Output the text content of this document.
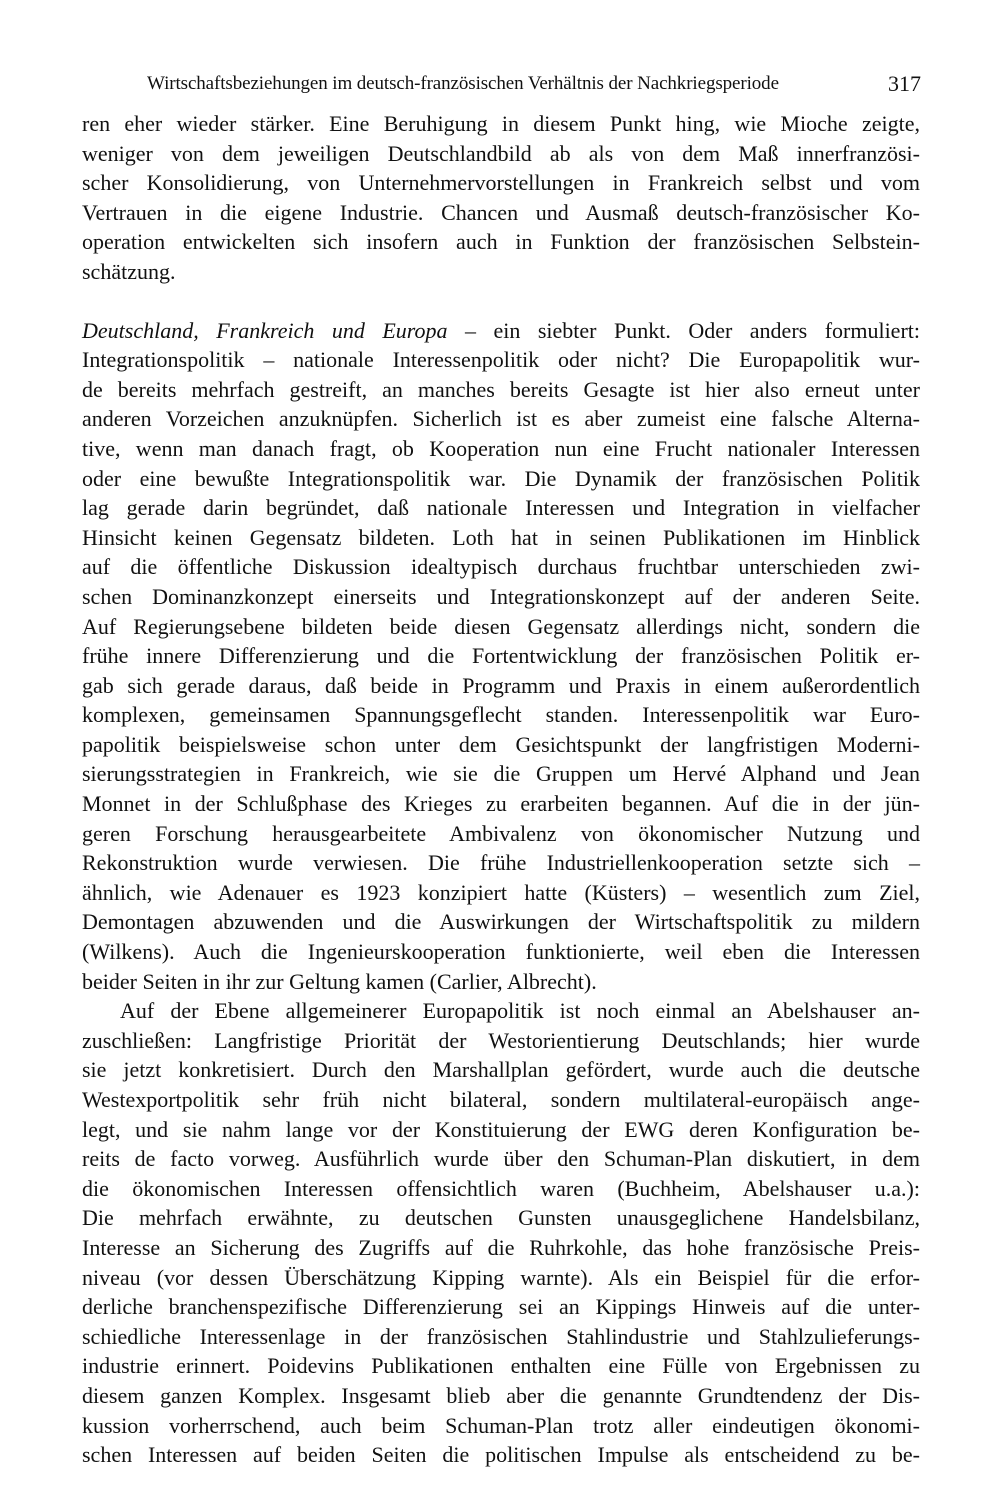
Wirtschaftsbeziehungen im deutsch-französischen Verhältnis der Nachkriegsperiode	317
ren eher wieder stärker. Eine Beruhigung in diesem Punkt hing, wie Mioche zeigte,
weniger von dem jeweiligen Deutschlandbild ab als von dem Maß innerfranzösi-
scher Konsolidierung, von Unternehmervorstellungen in Frankreich selbst und vom
Vertrauen in die eigene Industrie. Chancen und Ausmaß deutsch-französischer Ko-
operation entwickelten sich insofern auch in Funktion der französischen Selbstein-
schätzung.
Deutschland, Frankreich und Europa – ein siebter Punkt. Oder anders formuliert:
Integrationspolitik – nationale Interessenpolitik oder nicht? Die Europapolitik wur-
de bereits mehrfach gestreift, an manches bereits Gesagte ist hier also erneut unter
anderen Vorzeichen anzuknüpfen. Sicherlich ist es aber zumeist eine falsche Alterna-
tive, wenn man danach fragt, ob Kooperation nun eine Frucht nationaler Interessen
oder eine bewußte Integrationspolitik war. Die Dynamik der französischen Politik
lag gerade darin begründet, daß nationale Interessen und Integration in vielfacher
Hinsicht keinen Gegensatz bildeten. Loth hat in seinen Publikationen im Hinblick
auf die öffentliche Diskussion idealtypisch durchaus fruchtbar unterschieden zwi-
schen Dominanzkonzept einerseits und Integrationskonzept auf der anderen Seite.
Auf Regierungsebene bildeten beide diesen Gegensatz allerdings nicht, sondern die
frühe innere Differenzierung und die Fortentwicklung der französischen Politik er-
gab sich gerade daraus, daß beide in Programm und Praxis in einem außerordentlich
komplexen, gemeinsamen Spannungsgeflecht standen. Interessenpolitik war Euro-
papolitik beispielsweise schon unter dem Gesichtspunkt der langfristigen Moderni-
sierungsstrategien in Frankreich, wie sie die Gruppen um Hervé Alphand und Jean
Monnet in der Schlußphase des Krieges zu erarbeiten begannen. Auf die in der jün-
geren Forschung herausgearbeitete Ambivalenz von ökonomischer Nutzung und
Rekonstruktion wurde verwiesen. Die frühe Industriellenkooperation setzte sich –
ähnlich, wie Adenauer es 1923 konzipiert hatte (Küsters) – wesentlich zum Ziel,
Demontagen abzuwenden und die Auswirkungen der Wirtschaftspolitik zu mildern
(Wilkens). Auch die Ingenieurskooperation funktionierte, weil eben die Interessen
beider Seiten in ihr zur Geltung kamen (Carlier, Albrecht).
Auf der Ebene allgemeinerer Europapolitik ist noch einmal an Abelshauser an-
zuschließen: Langfristige Priorität der Westorientierung Deutschlands; hier wurde
sie jetzt konkretisiert. Durch den Marshallplan gefördert, wurde auch die deutsche
Westexportpolitik sehr früh nicht bilateral, sondern multilateral-europäisch ange-
legt, und sie nahm lange vor der Konstituierung der EWG deren Konfiguration be-
reits de facto vorweg. Ausführlich wurde über den Schuman-Plan diskutiert, in dem
die ökonomischen Interessen offensichtlich waren (Buchheim, Abelshauser u.a.):
Die mehrfach erwähnte, zu deutschen Gunsten unausgeglichene Handelsbilanz,
Interesse an Sicherung des Zugriffs auf die Ruhrkohle, das hohe französische Preis-
niveau (vor dessen Überschätzung Kipping warnte). Als ein Beispiel für die erfor-
derliche branchenspezifische Differenzierung sei an Kippings Hinweis auf die unter-
schiedliche Interessenlage in der französischen Stahlindustrie und Stahlzulieferungs-
industrie erinnert. Poidevins Publikationen enthalten eine Fülle von Ergebnissen zu
diesem ganzen Komplex. Insgesamt blieb aber die genannte Grundtendenz der Dis-
kussion vorherrschend, auch beim Schuman-Plan trotz aller eindeutigen ökonomi-
schen Interessen auf beiden Seiten die politischen Impulse als entscheidend zu be-
